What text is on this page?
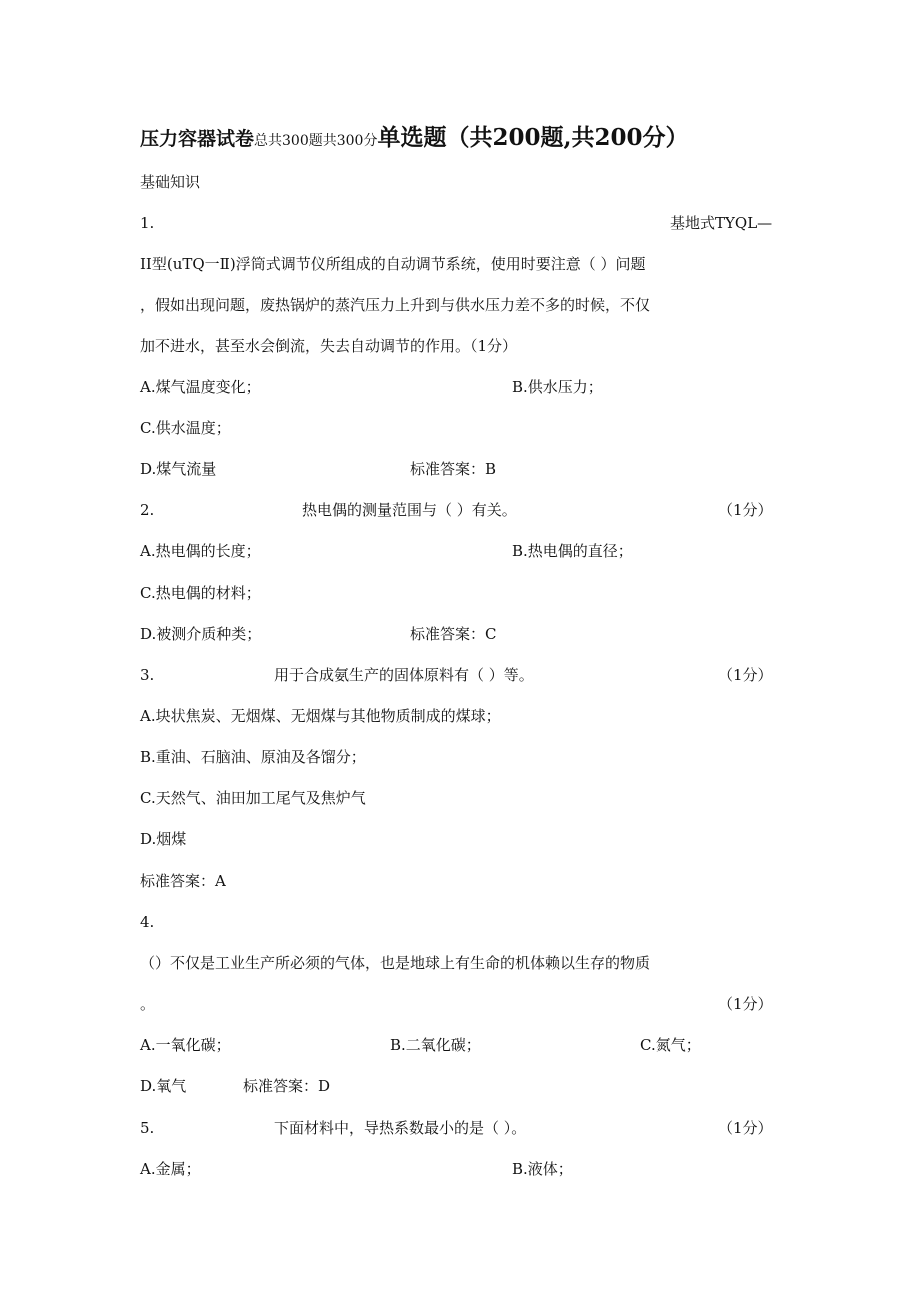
压力容器试卷总共300题共300分单选题（共200题,共200分）
基础知识
1.	基地式TYQL—
II型(uTQ一Ⅱ)浮筒式调节仪所组成的自动调节系统，使用时要注意（ ）问题
，假如出现问题，废热锅炉的蒸汽压力上升到与供水压力差不多的时候，不仅
加不进水，甚至水会倒流，失去自动调节的作用。（1分）
A.煤气温度变化；	B.供水压力；
C.供水温度；
D.煤气流量	标准答案：B
2.	热电偶的测量范围与（ ）有关。	（1分）
A.热电偶的长度；	B.热电偶的直径；
C.热电偶的材料；
D.被测介质种类；	标准答案：C
3.	用于合成氨生产的固体原料有（ ）等。	（1分）
A.块状焦炭、无烟煤、无烟煤与其他物质制成的煤球；
B.重油、石脑油、原油及各馏分；
C.天然气、油田加工尾气及焦炉气
D.烟煤
标准答案：A
4.
（）不仅是工业生产所必须的气体，也是地球上有生命的机体赖以生存的物质
。	（1分）
A.一氧化碳；	B.二氧化碳；	C.氮气；
D.氧气	标准答案：D
5.	下面材料中，导热系数最小的是（ ）。	（1分）
A.金属；	B.液体；
